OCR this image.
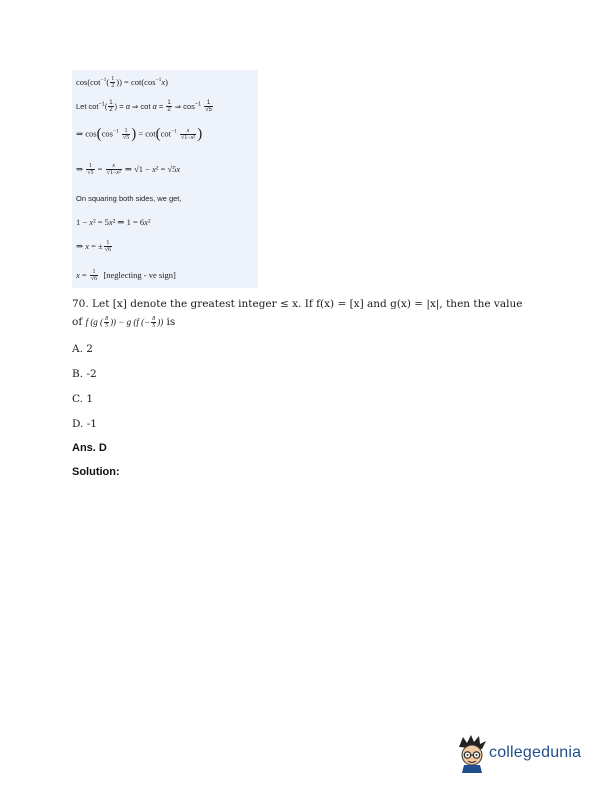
$\cos(\cot^{-1}( \frac{1}{2}$ )) = $\cot(\cos^{-1}x)$
Let $\cot^{-1}( \frac{1}{2}$ ) = α ⇒ $\cot \alpha = \frac{1}{2}$ ⇒ $\cos^{-1} \frac{1}{√5}$
⇒ $\cos(\cos^{-1} \frac{1}{√5}$ ) = $\cot(\cot^{-1} \frac{x}{\text{√1−x²}}$ )
⇒ $\frac{1}{√5} = \frac{x}{\text{√1−x²}}$ ⇒ √1 − x² = √5x
On squaring both sides, we get,
1 − x² = 5x² ⇒ 1 = 6x²
⇒ x = ± $\frac{1}{√6}$
$x = \frac{1}{√6}$ [neglecting - ve sign]
70. Let [x] denote the greatest integer ≤ x. If f(x) = [x] and g(x) = |x|, then the value
of f (g ( $\frac{8}{5}$ )) − g (f (− $\frac{8}{5}$ )) is
A. 2
B. -2
C. 1
D. -1
Ans. D
Solution:
collegedunia
